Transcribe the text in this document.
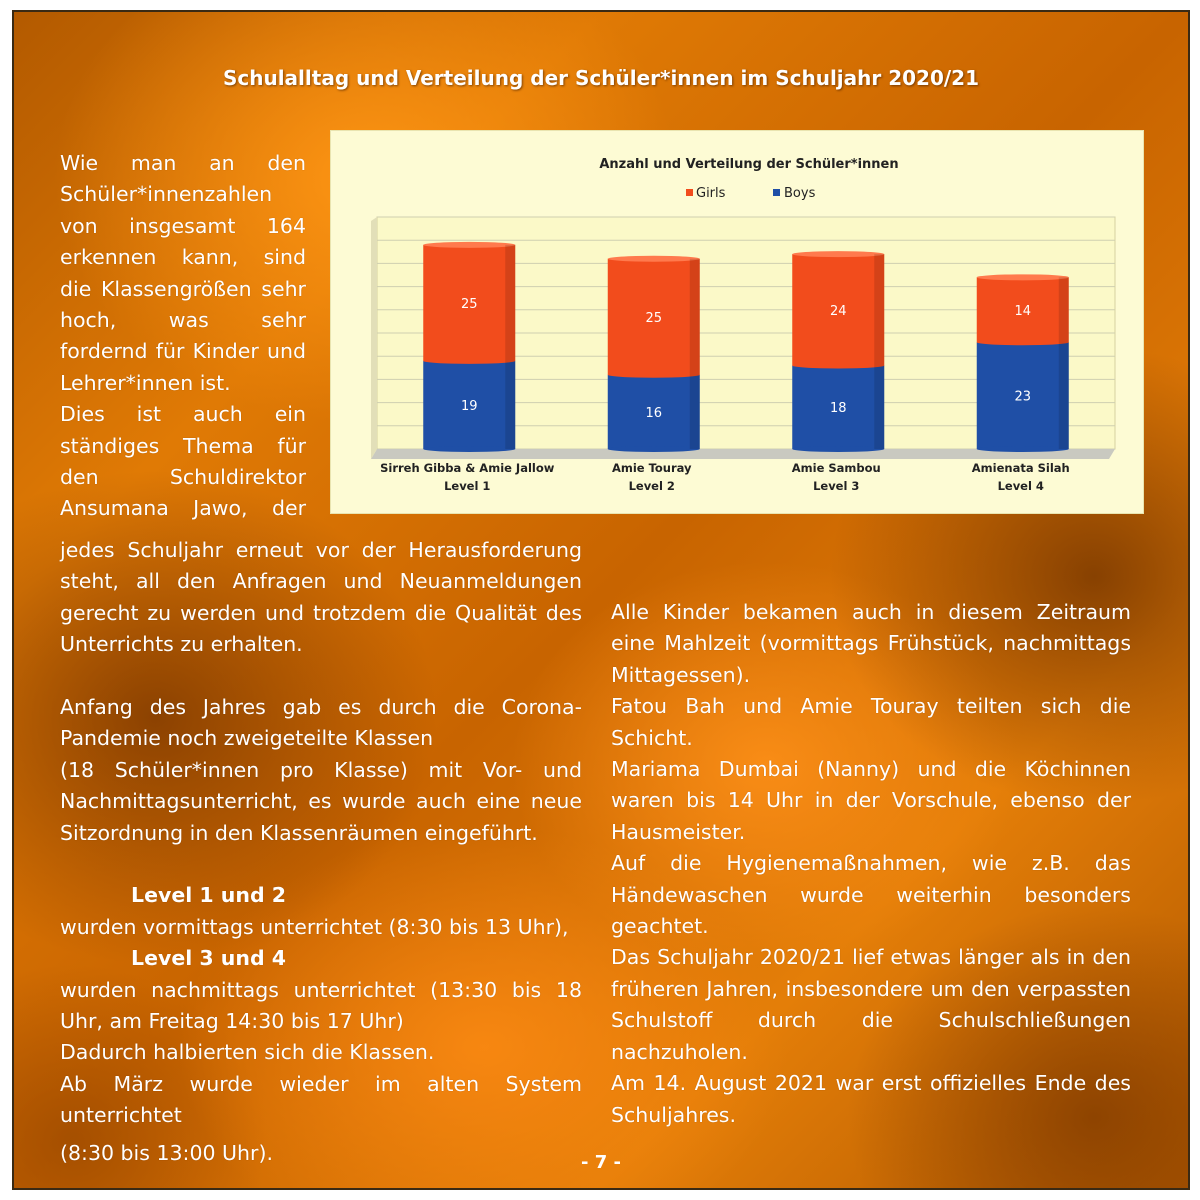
Schulalltag und Verteilung der Schüler*innen im Schuljahr 2020/21

Wie man an den Schüler*innenzahlen von insgesamt 164 erkennen kann, sind die Klassengrößen sehr hoch, was sehr fordernd für Kinder und Lehrer*innen ist.

Dies ist auch ein ständiges Thema für den Schuldirektor Ansumana Jawo, der

Anzahl und Verteilung der Schüler*innen
Girls	Boys
19
25
16
25
18
24
23
14
Sirreh Gibba & Amie Jallow
Level 1
Amie Touray
Level 2
Amie Sambou
Level 3
Amienata Silah
Level 4

jedes Schuljahr erneut vor der Herausforderung steht, all den Anfragen und Neuanmeldungen gerecht zu werden und trotzdem die Qualität des Unterrichts zu erhalten.

Anfang des Jahres gab es durch die Corona-Pandemie noch zweigeteilte Klassen

(18 Schüler*innen pro Klasse) mit Vor- und Nachmittagsunterricht, es wurde auch eine neue Sitzordnung in den Klassenräumen eingeführt.

Level 1 und 2

wurden vormittags unterrichtet (8:30 bis 13 Uhr),

Level 3 und 4

wurden nachmittags unterrichtet (13:30 bis 18 Uhr, am Freitag 14:30 bis 17 Uhr)

Dadurch halbierten sich die Klassen.

Ab März wurde wieder im alten System unterrichtet

(8:30 bis 13:00 Uhr).

Alle Kinder bekamen auch in diesem Zeitraum eine Mahlzeit (vormittags Frühstück, nachmittags Mittagessen).

Fatou Bah und Amie Touray teilten sich die Schicht.

Mariama Dumbai (Nanny) und die Köchinnen waren bis 14 Uhr in der Vorschule, ebenso der Hausmeister.

Auf die Hygienemaßnahmen, wie z.B. das Händewaschen wurde weiterhin besonders geachtet.

Das Schuljahr 2020/21 lief etwas länger als in den früheren Jahren, insbesondere um den verpassten Schulstoff durch die Schulschließungen nachzuholen.

Am 14. August 2021 war erst offizielles Ende des Schuljahres.

- 7 -
